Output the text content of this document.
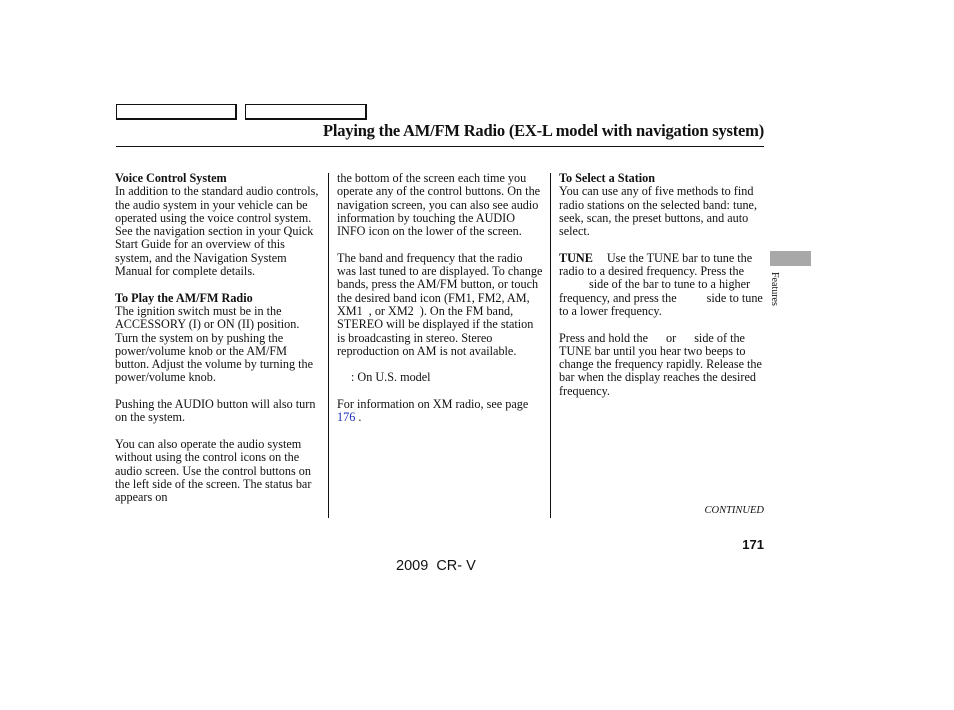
Playing the AM/FM Radio (EX-L model with navigation system)
Features

Voice Control System
In addition to the standard audio controls, the audio system in your vehicle can be operated using the voice control system. See the navigation section in your Quick Start Guide for an overview of this system, and the Navigation System Manual for complete details.

To Play the AM/FM Radio
The ignition switch must be in the ACCESSORY (I) or ON (II) position. Turn the system on by pushing the power/volume knob or the AM/FM button. Adjust the volume by turning the power/volume knob.

Pushing the AUDIO button will also turn on the system.

You can also operate the audio system without using the control icons on the audio screen. Use the control buttons on the left side of the screen. The status bar appears on

the bottom of the screen each time you operate any of the control buttons. On the navigation screen, you can also see audio information by touching the AUDIO INFO icon on the lower of the screen.

The band and frequency that the radio was last tuned to are displayed. To change bands, press the AM/FM button, or touch the desired band icon (FM1, FM2, AM, XM1 , or XM2 ). On the FM band, STEREO will be displayed if the station is broadcasting in stereo. Stereo reproduction on AM is not available.

: On U.S. model

For information on XM radio, see page 176 .

To Select a Station
You can use any of five methods to find radio stations on the selected band: tune, seek, scan, the preset buttons, and auto select.

TUNE Use the TUNE bar to tune the radio to a desired frequency. Press theside of the bar to tune to a higher frequency, and press the side to tune to a lower frequency.

Press and hold the or side of the TUNE bar until you hear two beeps to change the frequency rapidly. Release the bar when the display reaches the desired frequency.

CONTINUED
171
2009  CR- V
